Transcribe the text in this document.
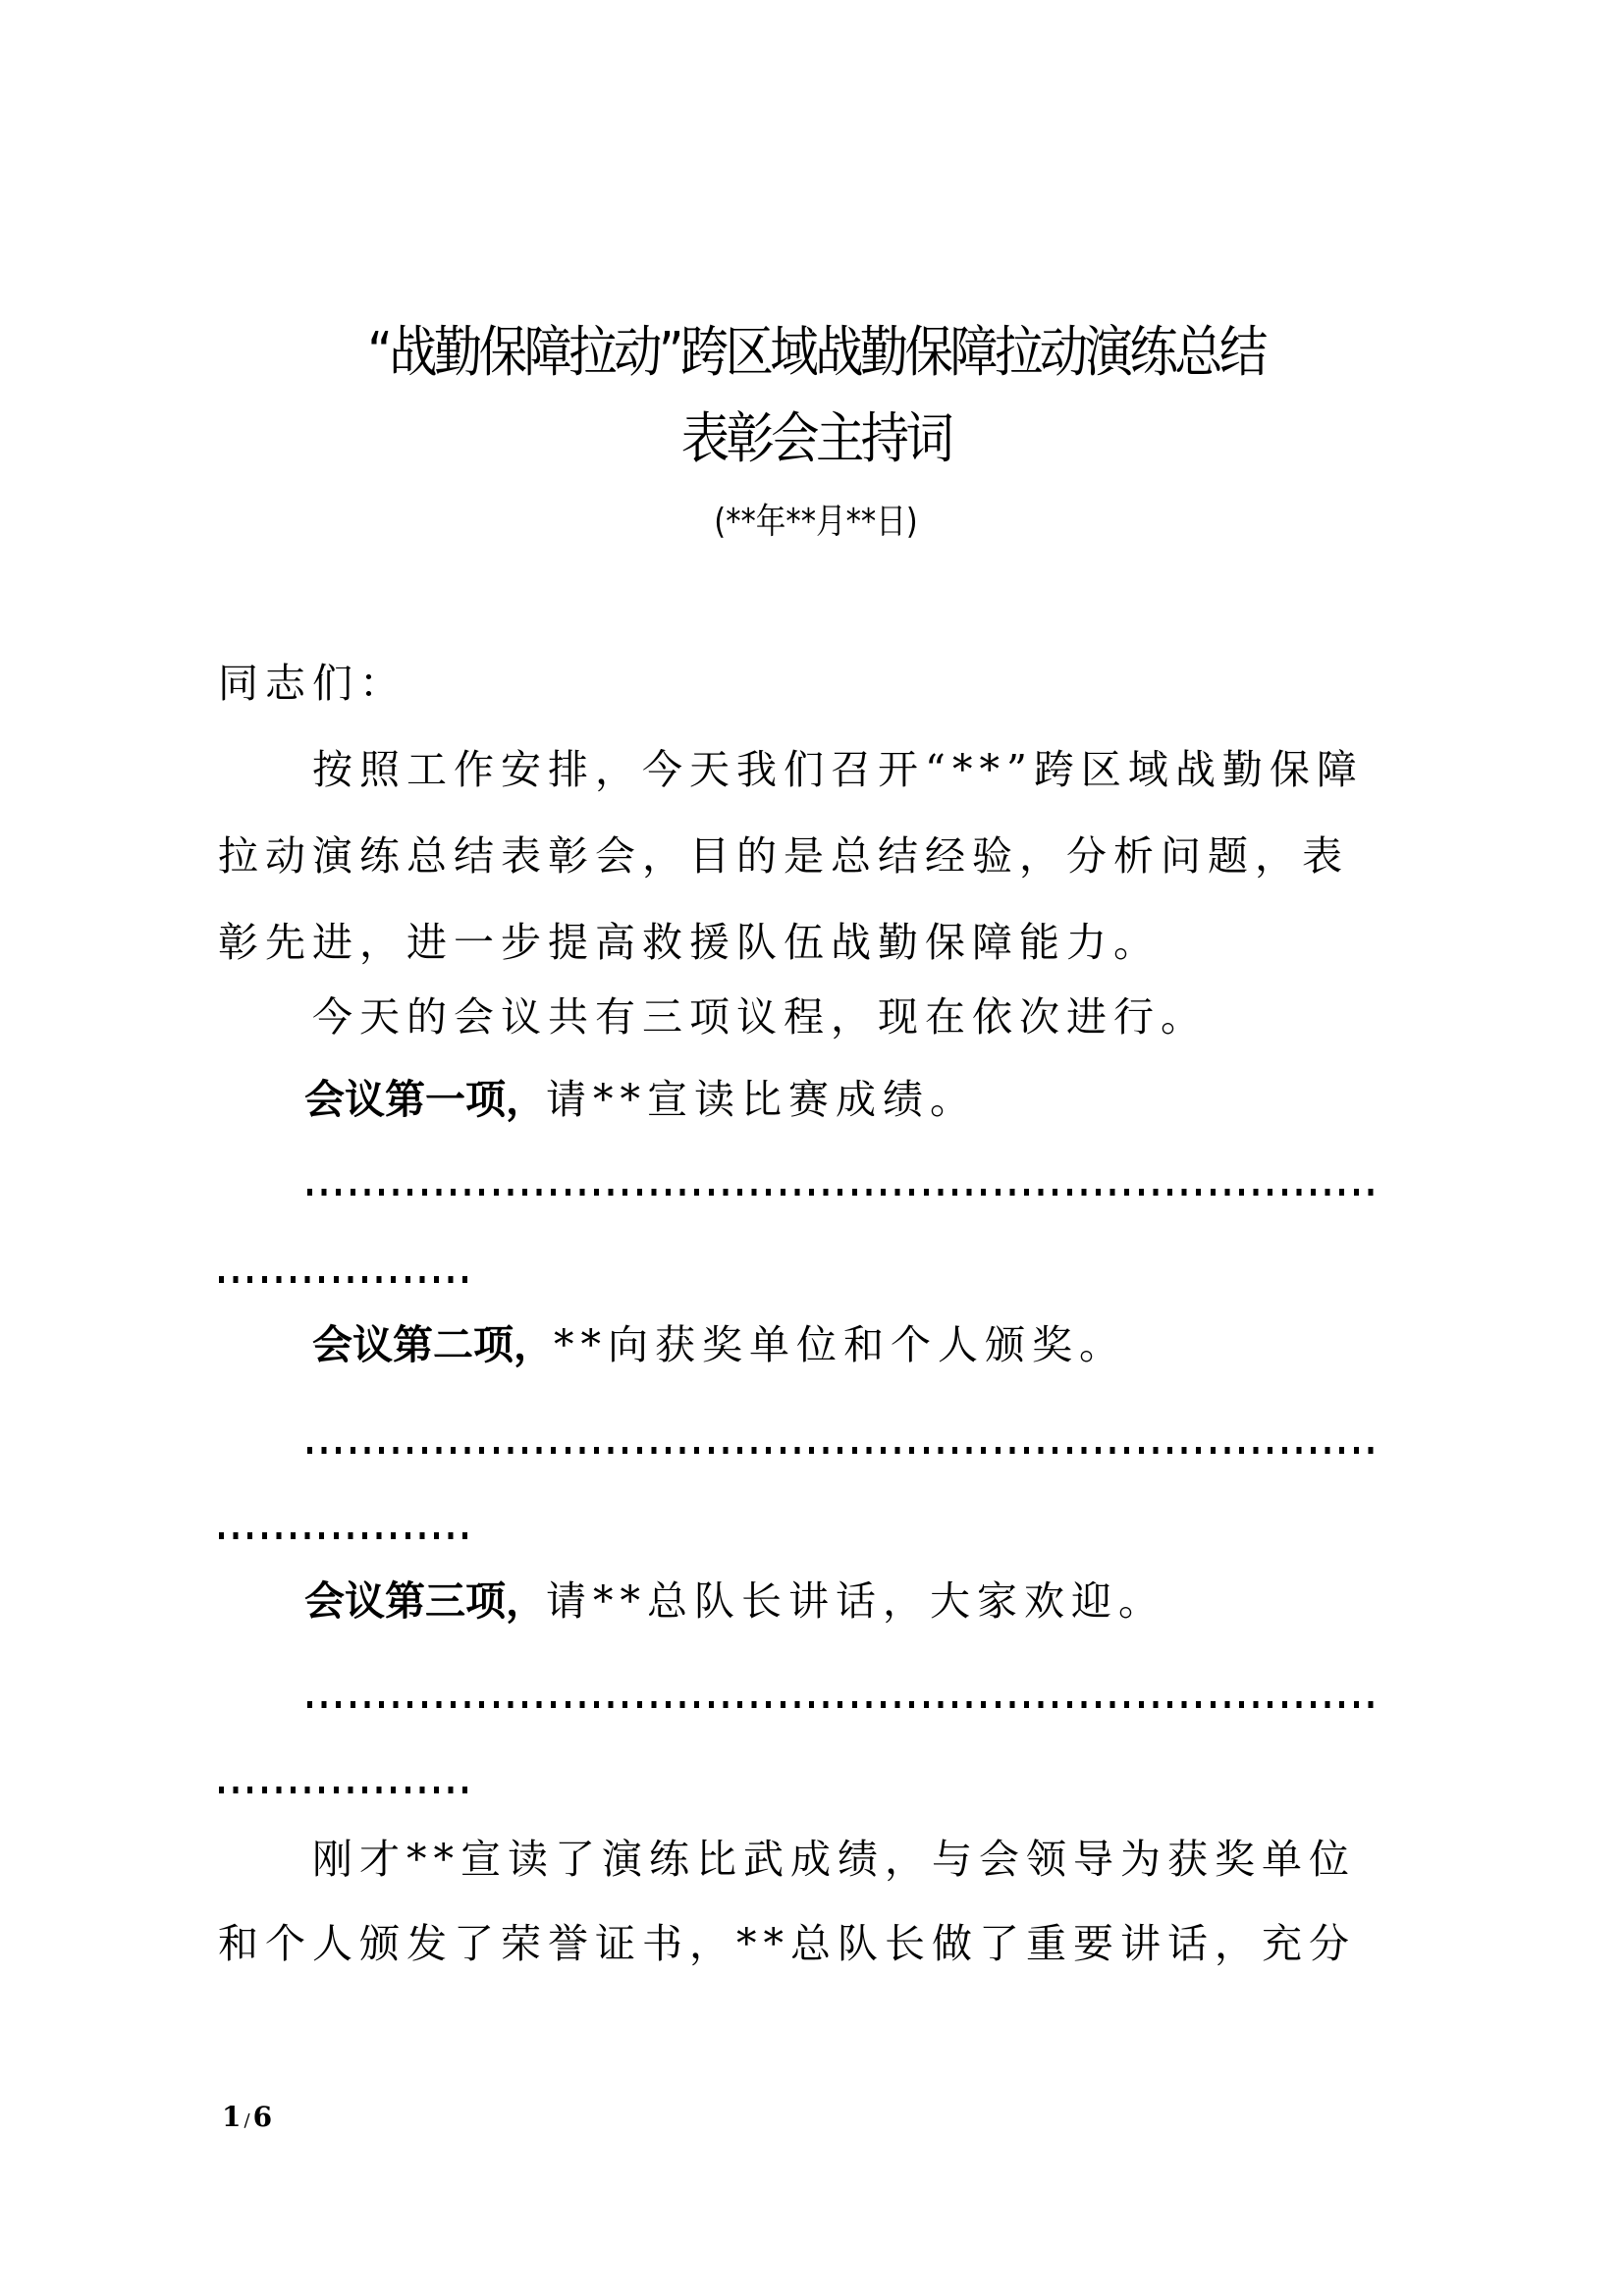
“战勤保障拉动”跨区域战勤保障拉动演练总结
表彰会主持词
(**年**月**日)
同志们：
按照工作安排，今天我们召开“**”跨区域战勤保障
拉动演练总结表彰会，目的是总结经验，分析问题，表
彰先进，进一步提高救援队伍战勤保障能力。
今天的会议共有三项议程，现在依次进行。
会议第一项，请**宣读比赛成绩。
会议第二项，**向获奖单位和个人颁奖。
会议第三项，请**总队长讲话，大家欢迎。
刚才**宣读了演练比武成绩，与会领导为获奖单位
和个人颁发了荣誉证书，**总队长做了重要讲话，充分
1 / 6
